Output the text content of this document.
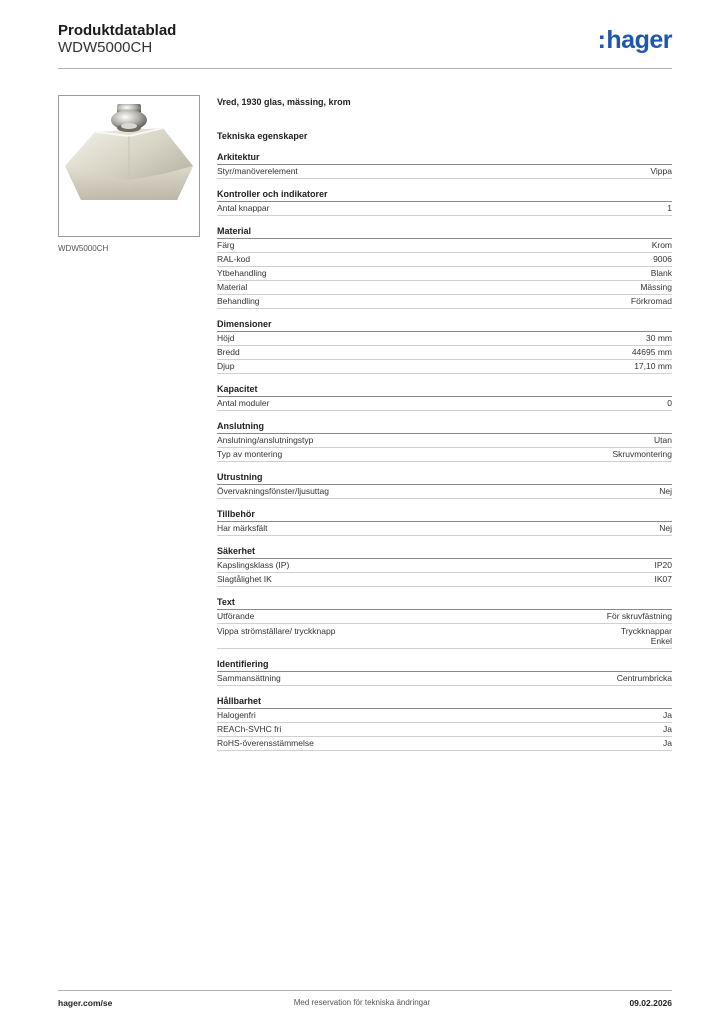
Produktdatablad
WDW5000CH	:hager
WDW5000CH
Vred, 1930 glas, mässing, krom
Tekniska egenskaper
Arkitektur
Styr/manöverelement	Vippa
Kontroller och indikatorer
Antal knappar	1
Material
Färg	Krom
RAL-kod	9006
Ytbehandling	Blank
Material	Mässing
Behandling	Förkromad
Dimensioner
Höjd	30 mm
Bredd	44695 mm
Djup	17,10 mm
Kapacitet
Antal moduler	0
Anslutning
Anslutning/anslutningstyp	Utan
Typ av montering	Skruvmontering
Utrustning
Övervakningsfönster/ljusuttag	Nej
Tillbehör
Har märksfält	Nej
Säkerhet
Kapslingsklass (IP)	IP20
Slagtålighet IK	IK07
Text
Utförande	För skruvfästning
Vippa strömställare/ tryckknapp	Tryckknappar
Enkel
Identifiering
Sammansättning	Centrumbricka
Hållbarhet
Halogenfri	Ja
REACh-SVHC fri	Ja
RoHS-överensstämmelse	Ja
hager.com/se	Med reservation för tekniska ändringar	09.02.2026
